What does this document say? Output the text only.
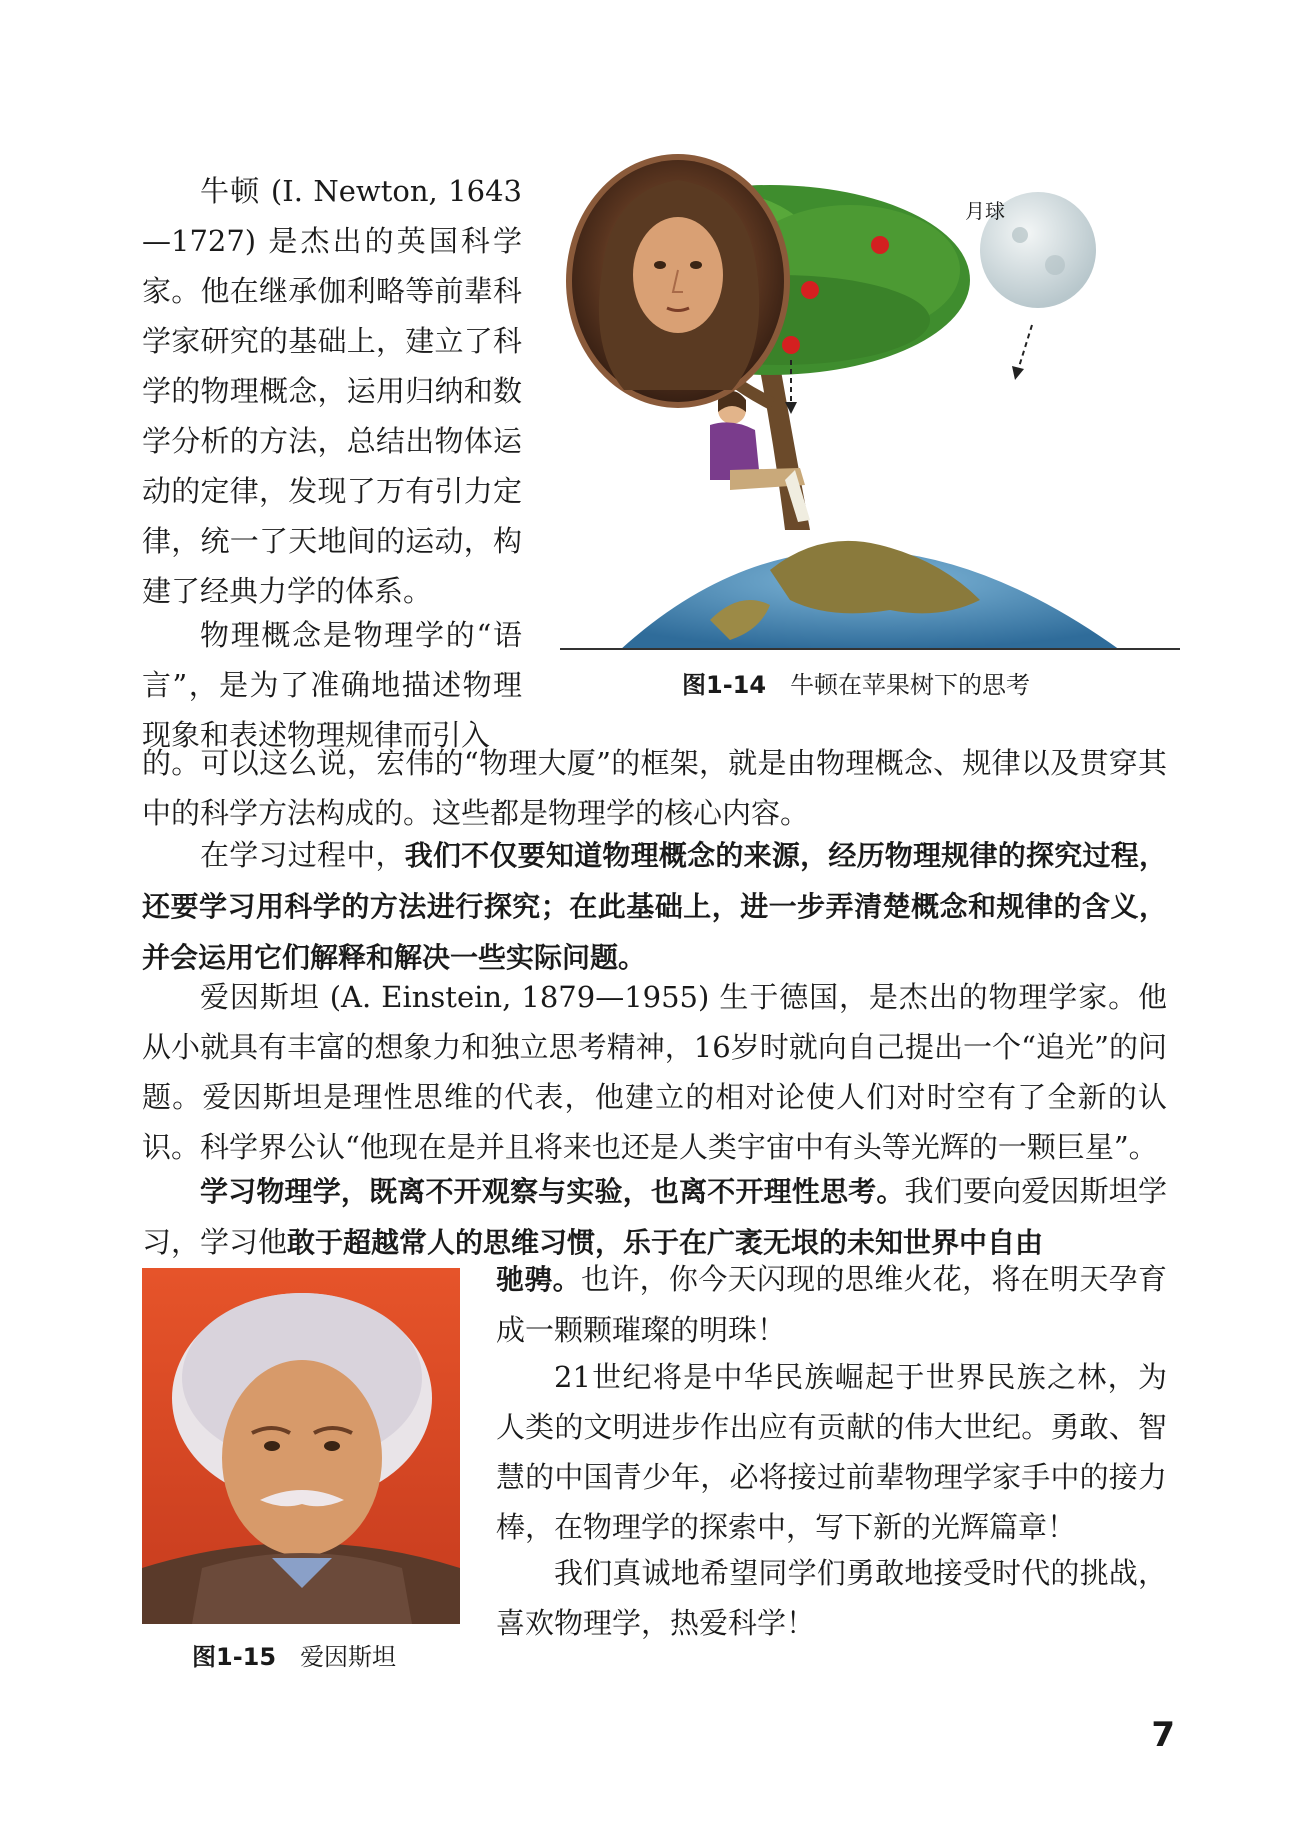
月球
图1-14 牛顿在苹果树下的思考

牛顿 (I. Newton, 1643—1727) 是杰出的英国科学家。他在继承伽利略等前辈科学家研究的基础上，建立了科学的物理概念，运用归纳和数学分析的方法，总结出物体运动的定律，发现了万有引力定律，统一了天地间的运动，构建了经典力学的体系。

物理概念是物理学的“语言”，是为了准确地描述物理现象和表述物理规律而引入

的。可以这么说，宏伟的“物理大厦”的框架，就是由物理概念、规律以及贯穿其中的科学方法构成的。这些都是物理学的核心内容。

在学习过程中，我们不仅要知道物理概念的来源，经历物理规律的探究过程，还要学习用科学的方法进行探究；在此基础上，进一步弄清楚概念和规律的含义，并会运用它们解释和解决一些实际问题。

爱因斯坦 (A. Einstein, 1879—1955) 生于德国，是杰出的物理学家。他从小就具有丰富的想象力和独立思考精神，16岁时就向自己提出一个“追光”的问题。爱因斯坦是理性思维的代表，他建立的相对论使人们对时空有了全新的认识。科学界公认“他现在是并且将来也还是人类宇宙中有头等光辉的一颗巨星”。

学习物理学，既离不开观察与实验，也离不开理性思考。我们要向爱因斯坦学习，学习他敢于超越常人的思维习惯，乐于在广袤无垠的未知世界中自由

图1-15 爱因斯坦

驰骋。也许，你今天闪现的思维火花，将在明天孕育成一颗颗璀璨的明珠！

21世纪将是中华民族崛起于世界民族之林，为人类的文明进步作出应有贡献的伟大世纪。勇敢、智慧的中国青少年，必将接过前辈物理学家手中的接力棒，在物理学的探索中，写下新的光辉篇章！

我们真诚地希望同学们勇敢地接受时代的挑战，喜欢物理学，热爱科学！

7
